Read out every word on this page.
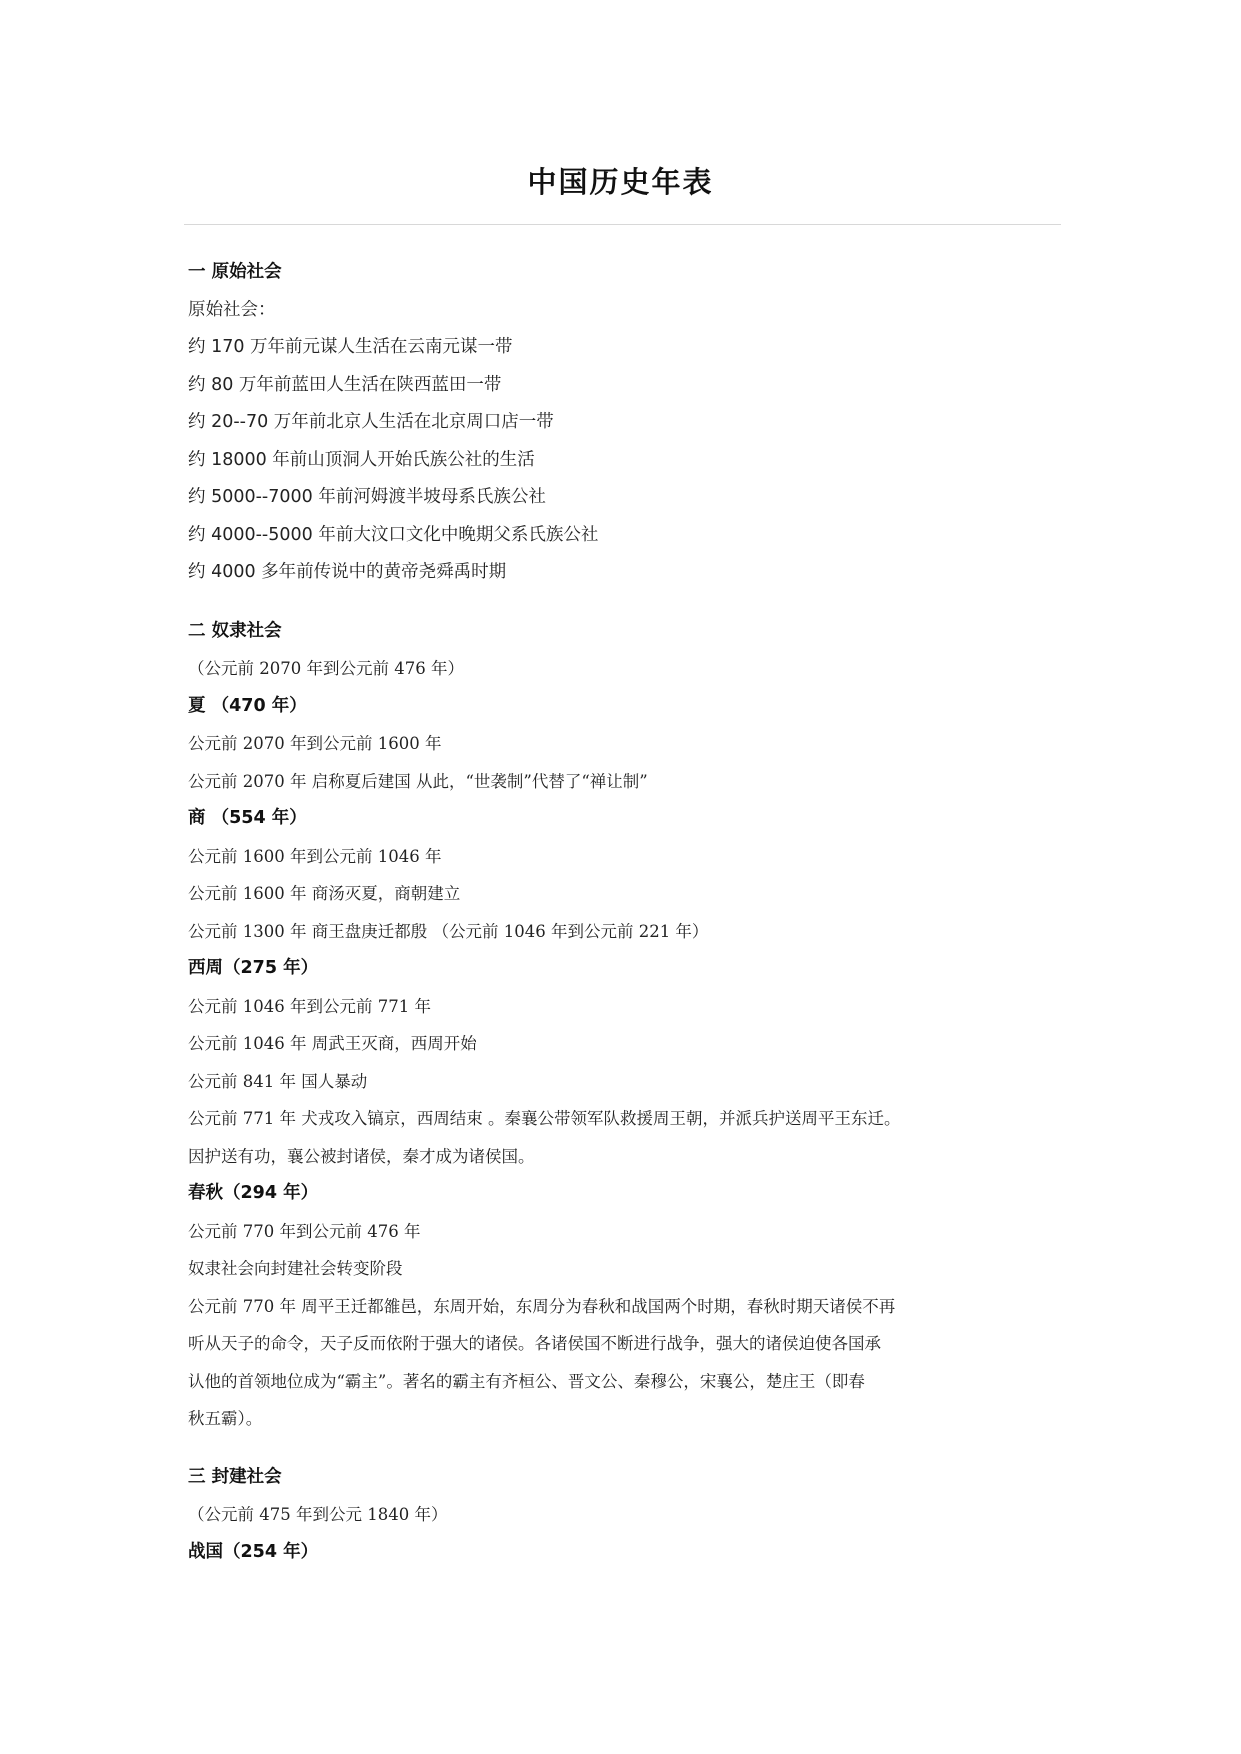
中国历史年表
一 原始社会
原始社会：
约 170 万年前元谋人生活在云南元谋一带
约 80 万年前蓝田人生活在陕西蓝田一带
约 20--70 万年前北京人生活在北京周口店一带
约 18000 年前山顶洞人开始氏族公社的生活
约 5000--7000 年前河姆渡半坡母系氏族公社
约 4000--5000 年前大汶口文化中晚期父系氏族公社
约 4000 多年前传说中的黄帝尧舜禹时期
二 奴隶社会
（公元前 2070 年到公元前 476 年）
夏 （470 年）
公元前 2070 年到公元前 1600 年
公元前 2070 年 启称夏后建国 从此，“世袭制”代替了“禅让制”
商 （554 年）
公元前 1600 年到公元前 1046 年
公元前 1600 年 商汤灭夏，商朝建立
公元前 1300 年 商王盘庚迁都殷 （公元前 1046 年到公元前 221 年）
西周（275 年）
公元前 1046 年到公元前 771 年
公元前 1046 年 周武王灭商，西周开始
公元前 841 年 国人暴动
公元前 771 年 犬戎攻入镐京，西周结束 。秦襄公带领军队救援周王朝，并派兵护送周平王东迁。
因护送有功，襄公被封诸侯，秦才成为诸侯国。
春秋（294 年）
公元前 770 年到公元前 476 年
奴隶社会向封建社会转变阶段
公元前 770 年 周平王迁都雒邑，东周开始，东周分为春秋和战国两个时期，春秋时期天诸侯不再
听从天子的命令，天子反而依附于强大的诸侯。各诸侯国不断进行战争，强大的诸侯迫使各国承
认他的首领地位成为“霸主”。著名的霸主有齐桓公、晋文公、秦穆公，宋襄公，楚庄王（即春
秋五霸）。
三 封建社会
（公元前 475 年到公元 1840 年）
战国（254 年）
